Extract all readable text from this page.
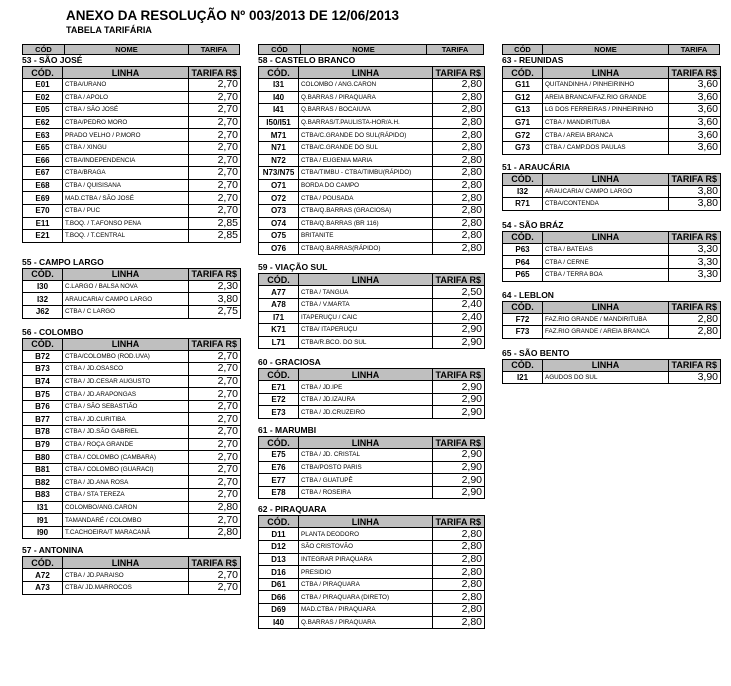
ANEXO DA RESOLUÇÃO Nº 003/2013 DE 12/06/2013
TABELA TARIFÁRIA
CÓD	NOME	TARIFA
53 - SÃO JOSÉ
CÓD.	LINHA	TARIFA R$
E01	CTBA/URANO	2,70
E02	CTBA / APOLO	2,70
E05	CTBA / SÃO JOSÉ	2,70
E62	CTBA/PEDRO MORO	2,70
E63	PRADO VELHO / P.MORO	2,70
E65	CTBA / XINGU	2,70
E66	CTBA/INDEPENDENCIA	2,70
E67	CTBA/BRAGA	2,70
E68	CTBA / QUISISANA	2,70
E69	MAD.CTBA / SÃO JOSÉ	2,70
E70	CTBA / PUC	2,70
E11	T.BOQ. / T.AFONSO PENA	2,85
E21	T.BOQ. / T.CENTRAL	2,85
55 - CAMPO LARGO
CÓD.	LINHA	TARIFA R$
I30	C.LARGO / BALSA NOVA	2,30
I32	ARAUCARIA/ CAMPO LARGO	3,80
J62	CTBA / C LARGO	2,75
56 - COLOMBO
CÓD.	LINHA	TARIFA R$
B72	CTBA/COLOMBO (ROD.UVA)	2,70
B73	CTBA / JD.OSASCO	2,70
B74	CTBA / JD.CESAR AUGUSTO	2,70
B75	CTBA / JD.ARAPONGAS	2,70
B76	CTBA / SÃO SEBASTIÃO	2,70
B77	CTBA / JD.CURITIBA	2,70
B78	CTBA / JD.SÃO GABRIEL	2,70
B79	CTBA / ROÇA GRANDE	2,70
B80	CTBA / COLOMBO (CAMBARA)	2,70
B81	CTBA / COLOMBO (GUARACI)	2,70
B82	CTBA / JD.ANA ROSA	2,70
B83	CTBA / STA TEREZA	2,70
I31	COLOMBO/ANG.CARON	2,80
I91	TAMANDARÉ / COLOMBO	2,70
I90	T.CACHOEIRA/T MARACANÃ	2,80
57 - ANTONINA
CÓD.	LINHA	TARIFA R$
A72	CTBA / JD.PARAISO	2,70
A73	CTBA/ JD.MARROCOS	2,70
CÓD	NOME	TARIFA
58 - CASTELO BRANCO
CÓD.	LINHA	TARIFA R$
I31	COLOMBO / ANG.CARON	2,80
I40	Q.BARRAS / PIRAQUARA	2,80
I41	Q.BARRAS / BOCAIUVA	2,80
I50/I51	Q.BARRAS/T.PAULISTA-HOR/A.H.	2,80
M71	CTBA/C.GRANDE DO SUL(RÁPIDO)	2,80
N71	CTBA/C.GRANDE DO SUL	2,80
N72	CTBA / EUGENIA MARIA	2,80
N73/N75	CTBA/TIMBU - CTBA/TIMBU(RÁPIDO)	2,80
O71	BORDA DO CAMPO	2,80
O72	CTBA / POUSADA	2,80
O73	CTBA/Q.BARRAS (GRACIOSA)	2,80
O74	CTBA/Q.BARRAS (BR 116)	2,80
O75	BRITANITE	2,80
O76	CTBA/Q.BARRAS(RÁPIDO)	2,80
59 - VIAÇÃO SUL
CÓD.	LINHA	TARIFA R$
A77	CTBA / TANGUA	2,50
A78	CTBA / V.MARTA	2,40
I71	ITAPERUÇU / CAIC	2,40
K71	CTBA/ ITAPERUÇU	2,90
L71	CTBA/R.BCO. DO SUL	2,90
60 - GRACIOSA
CÓD.	LINHA	TARIFA R$
E71	CTBA / JD.IPE	2,90
E72	CTBA / JD.IZAURA	2,90
E73	CTBA / JD.CRUZEIRO	2,90
61 - MARUMBI
CÓD.	LINHA	TARIFA R$
E75	CTBA / JD. CRISTAL	2,90
E76	CTBA/POSTO PARIS	2,90
E77	CTBA / GUATUPÊ	2,90
E78	CTBA / ROSEIRA	2,90
62 - PIRAQUARA
CÓD.	LINHA	TARIFA R$
D11	PLANTA DEODORO	2,80
D12	SÃO CRISTOVÃO	2,80
D13	INTEGRAR PIRAQUARA	2,80
D16	PRESIDIO	2,80
D61	CTBA / PIRAQUARA	2,80
D66	CTBA / PIRAQUARA (DIRETO)	2,80
D69	MAD.CTBA / PIRAQUARA	2,80
I40	Q.BARRAS / PIRAQUARA	2,80
CÓD	NOME	TARIFA
63 - REUNIDAS
CÓD.	LINHA	TARIFA R$
G11	QUITANDINHA / PINHEIRINHO	3,60
G12	AREIA BRANCA/FAZ.RIO GRANDE	3,60
G13	LG DOS FERREIRAS / PINHEIRINHO	3,60
G71	CTBA / MANDIRITUBA	3,60
G72	CTBA / AREIA BRANCA	3,60
G73	CTBA / CAMP.DOS PAULAS	3,60
51 - ARAUCÁRIA
CÓD.	LINHA	TARIFA R$
I32	ARAUCARIA/ CAMPO LARGO	3,80
R71	CTBA/CONTENDA	3,80
54 - SÃO BRÁZ
CÓD.	LINHA	TARIFA R$
P63	CTBA / BATEIAS	3,30
P64	CTBA / CERNE	3,30
P65	CTBA / TERRA BOA	3,30
64 - LEBLON
CÓD.	LINHA	TARIFA R$
F72	FAZ.RIO GRANDE / MANDIRITUBA	2,80
F73	FAZ.RIO GRANDE / AREIA BRANCA	2,80
65 - SÃO BENTO
CÓD.	LINHA	TARIFA R$
I21	AGUDOS DO SUL	3,90
